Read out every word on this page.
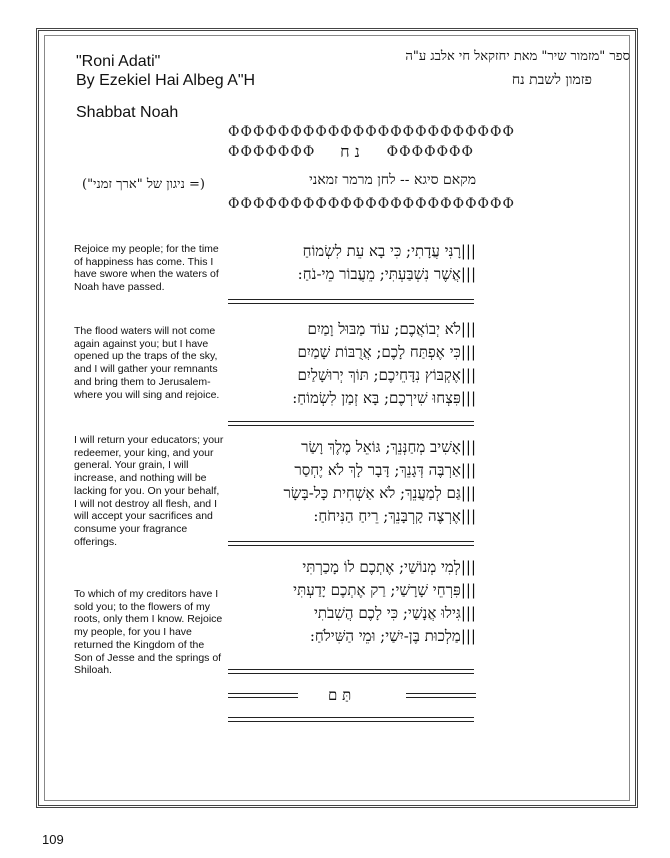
"Roni Adati"
By Ezekiel Hai Albeg A"H
Shabbat Noah
ספר "מזמור שיר" מאת יחזקאל חי אלבג ע"ה
פזמון לשבת נח
ΦΦΦΦΦΦΦΦΦΦΦΦΦΦΦΦΦΦΦΦΦΦΦ
ΦΦΦΦΦΦΦ	ΦΦΦΦΦΦΦ
נ ח
מקאם סיגא -- לחן מרמר זמאני
(= ניגון של "ארך זמני")
ΦΦΦΦΦΦΦΦΦΦΦΦΦΦΦΦΦΦΦΦΦΦΦ
Rejoice my people; for the time of happiness has come. This I have swore when the waters of Noah have passed.
The flood waters will not come again against you; but I have opened up the traps of the sky, and I will gather your remnants and bring them to Jerusalem- where you will sing and rejoice.
I will return your educators; your redeemer, your king, and your general. Your grain, I will increase, and nothing will be lacking for you. On your behalf, I will not destroy all flesh, and I will accept your sacrifices and consume your fragrance offerings.
To which of my creditors have I sold you; to the flowers of my roots, only them I know. Rejoice my people, for you I have returned the Kingdom of the Son of Jesse and the springs of Shiloah.
|||רָנִּי עֲדָתִי; כִּי בָא עֵת לִשְׂמוֹחַ
|||אֲשֶׁר נִשְׁבַּעְתִּי; מֵעֲבוֹר מֵי-נֹחַ:
|||לֹא יְבוֹאֲכֶם; עוֹד מַבּוּל וָמַיִם
|||כִּי אֶפְתַּח לָכֶם; אֲרֻבּוֹת שָׁמַיִם
|||אֶקְבּוֹץ נִדָּחֵיכֶם; תּוֹךְ יְרוּשָׁלַיִם
|||פִּצְחוּ שִׁירְכֶם; בָּא זְמַן לִשְׂמוֹחַ:
|||אָשִׁיב מְחַנְּנֵךְ; גּוֹאֵל מֶלֶךְ וָשַׂר
|||אַרְבֶּה דְּגָנֵךְ; דָּבָר לָךְ לֹא יֶחְסַר
|||גַּם לְמַעֲנֵךְ; לֹא אַשְׁחִית כָּל-בָּשָׂר
|||אֶרְצֶה קָרְבָּנֵךְ; רֵיחַ הַנִּיחֹחַ:
|||לְמִי מְנוֹשַׁי; אֶתְכֶם לוֹ מָכַרְתִּי
|||פִּרְחֵי שָׁרָשַׁי; רַק אֶתְכֶם יָדַעְתִּי
|||גִּילוּ אֲנָשַׁי; כִּי לָכֶם הֲשִׁבֹתִי
|||מַלְכוּת בֶּן-יִשַׁי; וּמֵי הַשִּׁילֹחַ:
תַּ ם
109
